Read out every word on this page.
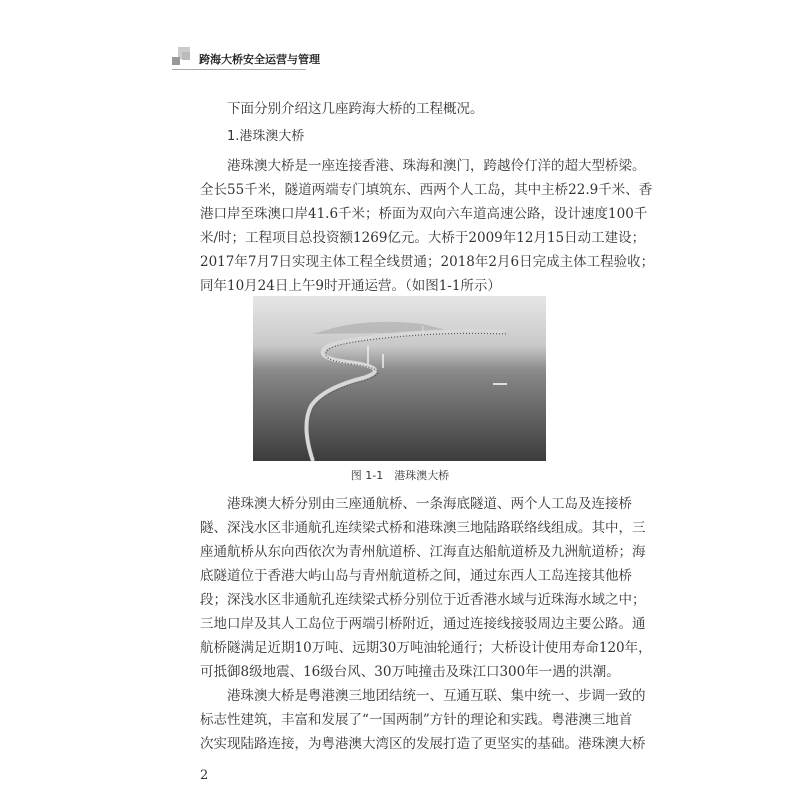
跨海大桥安全运营与管理
下面分别介绍这几座跨海大桥的工程概况。
1.港珠澳大桥
港珠澳大桥是一座连接香港、珠海和澳门，跨越伶仃洋的超大型桥梁。
全长55千米，隧道两端专门填筑东、西两个人工岛，其中主桥22.9千米、香
港口岸至珠澳口岸41.6千米；桥面为双向六车道高速公路，设计速度100千
米/时；工程项目总投资额1269亿元。大桥于2009年12月15日动工建设；
2017年7月7日实现主体工程全线贯通；2018年2月6日完成主体工程验收；
同年10月24日上午9时开通运营。（如图1-1所示）
图 1-1　港珠澳大桥
港珠澳大桥分别由三座通航桥、一条海底隧道、两个人工岛及连接桥
隧、深浅水区非通航孔连续梁式桥和港珠澳三地陆路联络线组成。其中，三
座通航桥从东向西依次为青州航道桥、江海直达船航道桥及九洲航道桥；海
底隧道位于香港大屿山岛与青州航道桥之间，通过东西人工岛连接其他桥
段；深浅水区非通航孔连续梁式桥分别位于近香港水域与近珠海水域之中；
三地口岸及其人工岛位于两端引桥附近，通过连接线接驳周边主要公路。通
航桥隧满足近期10万吨、远期30万吨油轮通行；大桥设计使用寿命120年，
可抵御8级地震、16级台风、30万吨撞击及珠江口300年一遇的洪潮。
港珠澳大桥是粤港澳三地团结统一、互通互联、集中统一、步调一致的
标志性建筑，丰富和发展了“一国两制”方针的理论和实践。粤港澳三地首
次实现陆路连接，为粤港澳大湾区的发展打造了更坚实的基础。港珠澳大桥
2
